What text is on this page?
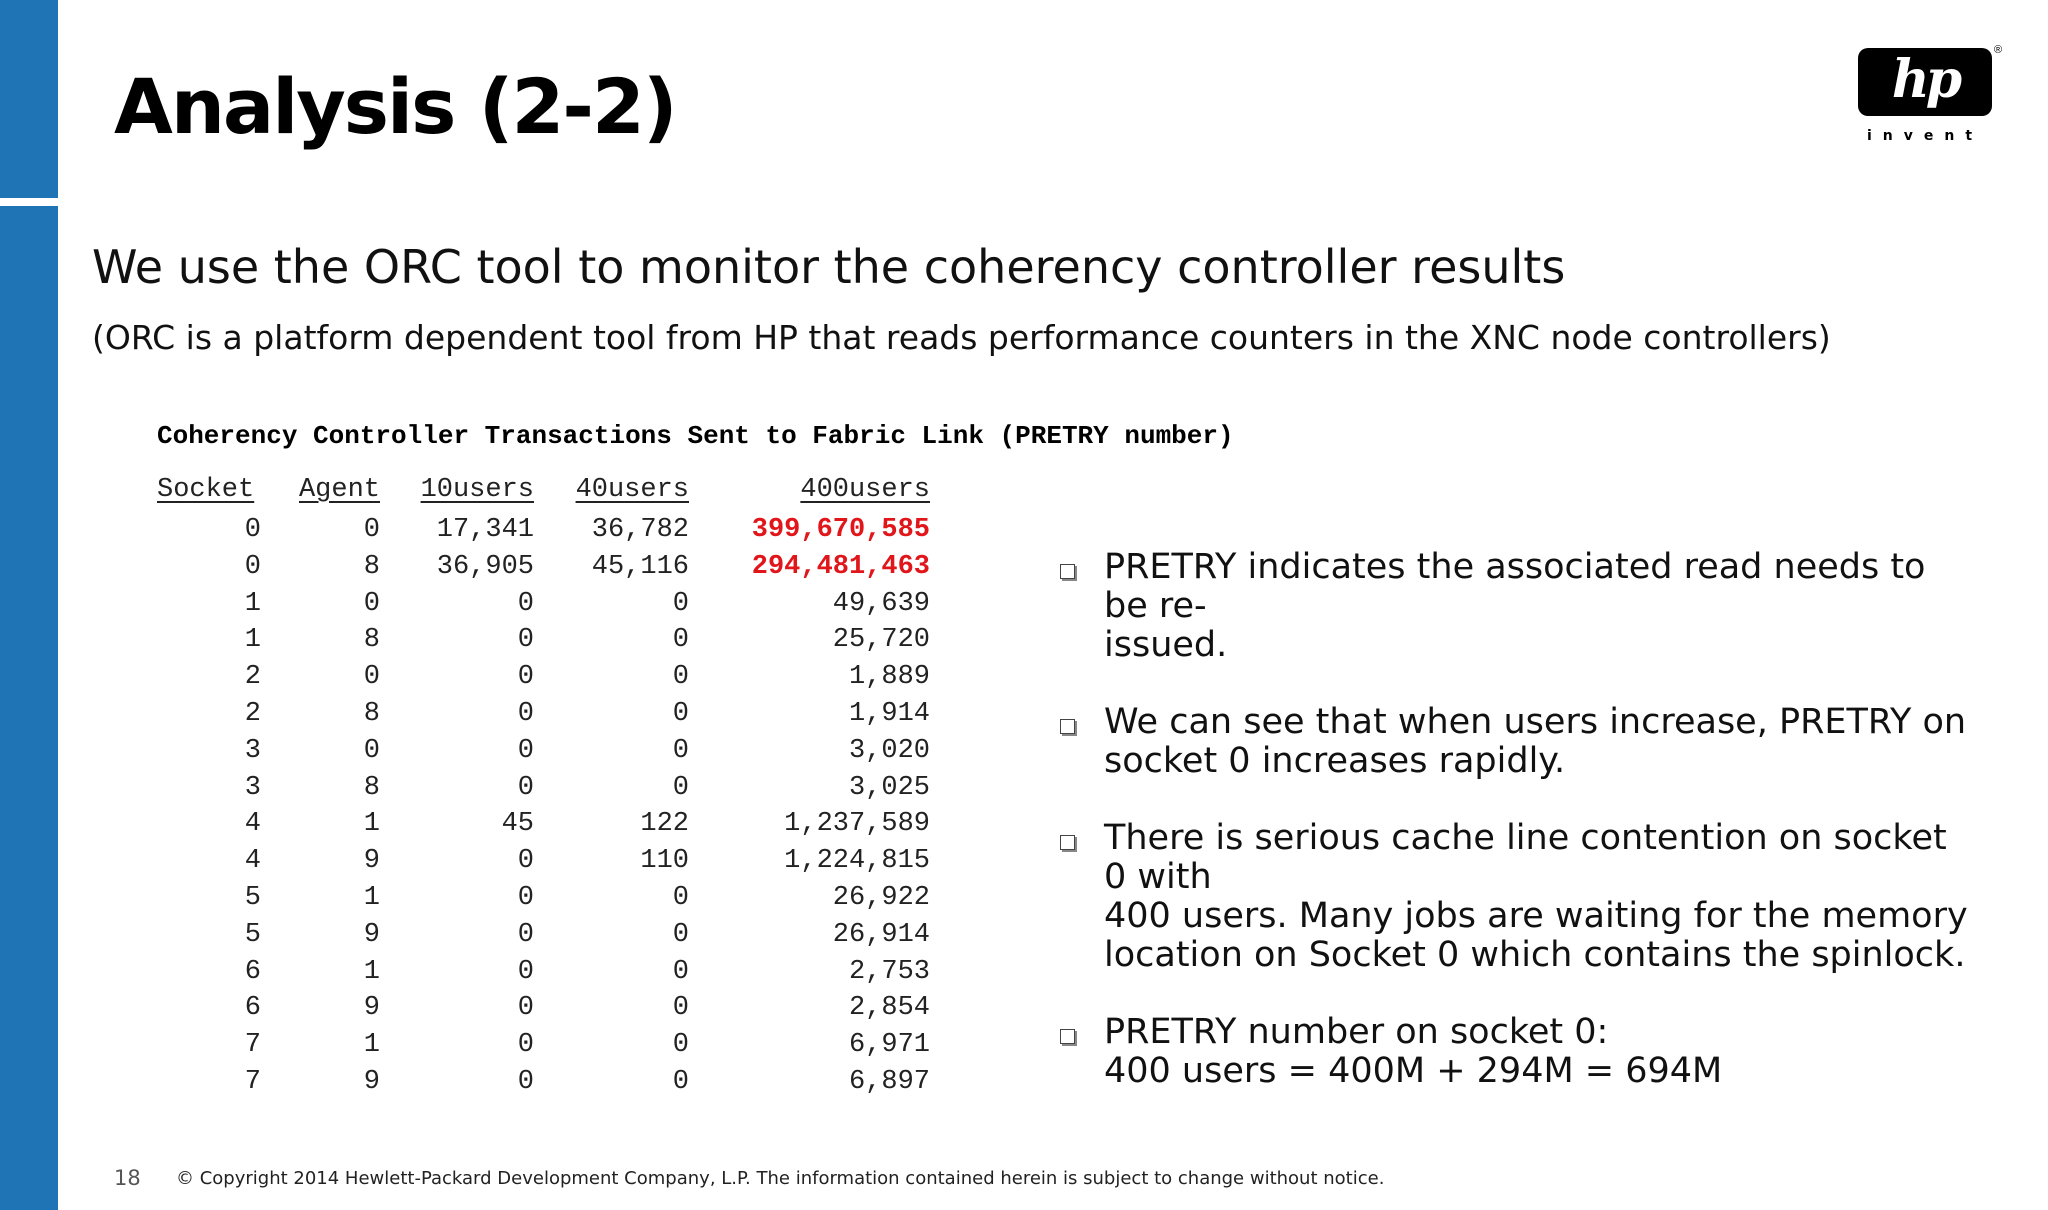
Analysis (2-2)	hp	®
invent
We use the ORC tool to monitor the coherency controller results

(ORC is a platform dependent tool from HP that reads performance counters in the XNC node controllers)

Coherency Controller Transactions Sent to Fabric Link (PRETRY number)
Socket Agent 10users 40users	400users
0	0	17,341	36,782	399,670,585
0	8	36,905	45,116	294,481,463
1	0	0	0	49,639
1	8	0	0	25,720
2	0	0	0	1,889
2	8	0	0	1,914
3	0	0	0	3,020
3	8	0	0	3,025
4	1	45	122	1,237,589
4	9	0	110	1,224,815
5	1	0	0	26,922
5	9	0	0	26,914
6	1	0	0	2,753
6	9	0	0	2,854
7	1	0	0	6,971
7	9	0	0	6,897

PRETRY indicates the associated read needs to be re-

issued.

We can see that when users increase, PRETRY on

socket 0 increases rapidly.

There is serious cache line contention on socket 0 with

400 users. Many jobs are waiting for the memory

location on Socket 0 which contains the spinlock.

PRETRY number on socket 0:

400 users = 400M + 294M = 694M

18 © Copyright 2014 Hewlett-Packard Development Company, L.P. The information contained herein is subject to change without notice.
